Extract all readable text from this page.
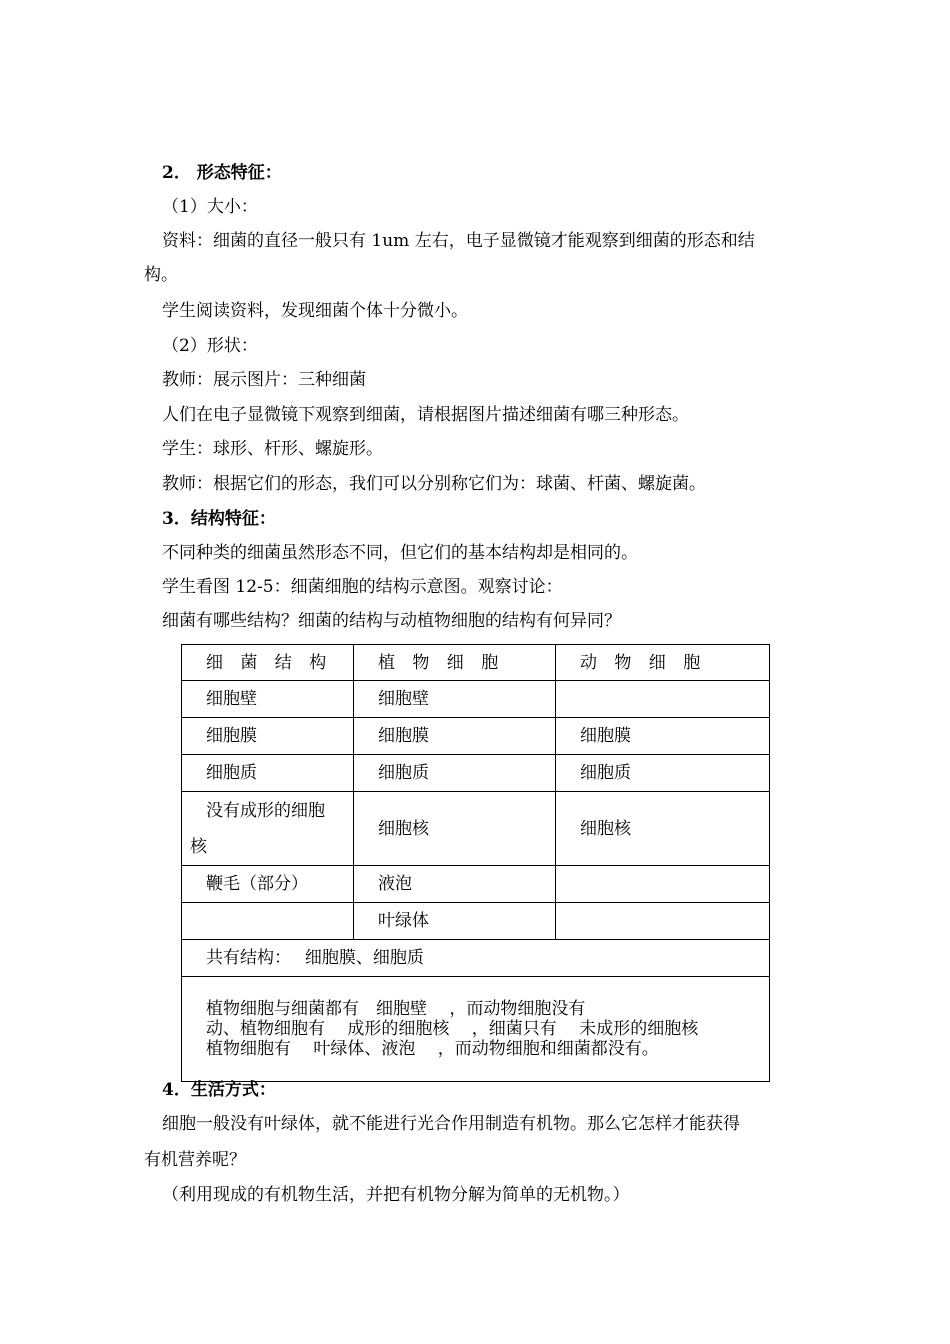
2． 形态特征：
（1）大小：
资料：细菌的直径一般只有 1um 左右，电子显微镜才能观察到细菌的形态和结
构。
学生阅读资料，发现细菌个体十分微小。
（2）形状：
教师：展示图片：三种细菌
人们在电子显微镜下观察到细菌，请根据图片描述细菌有哪三种形态。
学生：球形、杆形、螺旋形。
教师：根据它们的形态，我们可以分别称它们为：球菌、杆菌、螺旋菌。
3．结构特征：
不同种类的细菌虽然形态不同，但它们的基本结构却是相同的。
学生看图 12-5：细菌细胞的结构示意图。观察讨论：
细菌有哪些结构？细菌的结构与动植物细胞的结构有何异同？
细 菌 结 构	植 物 细 胞	动 物 细 胞
细胞壁	细胞壁	
细胞膜	细胞膜	细胞膜
细胞质	细胞质	细胞质

没有成形的细胞
核	细胞核	细胞核
鞭毛（部分）	液泡	
	叶绿体	
共有结构：　 细胞膜、细胞质		

植物细胞与细菌都有　细胞壁　 ，而动物细胞没有
动、植物细胞有　 成形的细胞核　 ，细菌只有　 未成形的细胞核
植物细胞有　 叶绿体、液泡　 ，而动物细胞和细菌都没有。		
4．生活方式：
细胞一般没有叶绿体，就不能进行光合作用制造有机物。那么它怎样才能获得
有机营养呢？
（利用现成的有机物生活，并把有机物分解为简单的无机物。）
